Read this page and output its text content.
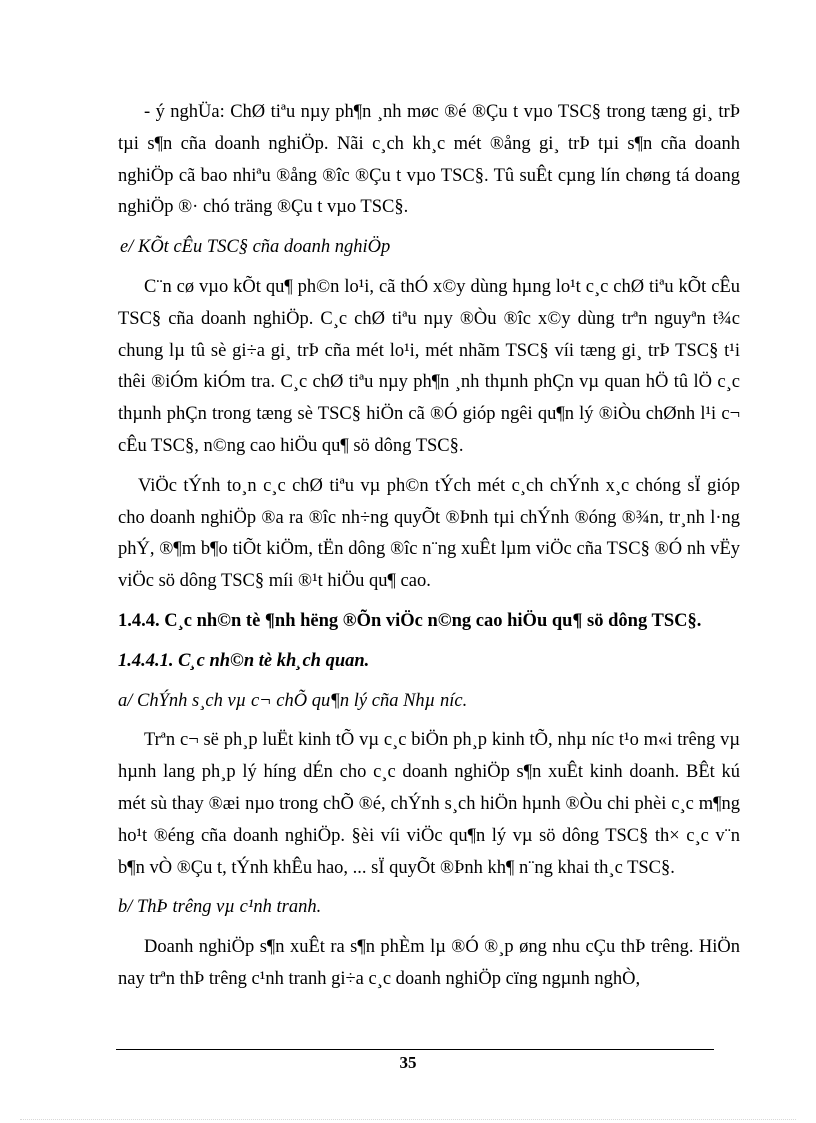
- ý nghÜa: ChØ tiªu nµy ph¶n ¸nh møc ®é ®Çu t vµo TSC§ trong tæng gi¸ trÞ tµi s¶n cña doanh nghiÖp. Nãi c¸ch kh¸c mét ®ång gi¸ trÞ tµi s¶n cña doanh nghiÖp cã bao nhiªu ®ång ®îc ®Çu t vµo TSC§. Tû suÊt cµng lín chøng tá doang nghiÖp ®· chó träng ®Çu t vµo TSC§.

e/ KÕt cÊu TSC§ cña doanh nghiÖp

C¨n cø vµo kÕt qu¶ ph©n lo¹i, cã thÓ x©y dùng hµng lo¹t c¸c chØ tiªu kÕt cÊu TSC§ cña doanh nghiÖp. C¸c chØ tiªu nµy ®Òu ®îc x©y dùng trªn nguyªn t¾c chung lµ tû sè gi÷a gi¸ trÞ cña mét lo¹i, mét nhãm TSC§ víi tæng gi¸ trÞ TSC§ t¹i thêi ®iÓm kiÓm tra. C¸c chØ tiªu nµy ph¶n ¸nh thµnh phÇn vµ quan hÖ tû lÖ c¸c thµnh phÇn trong tæng sè TSC§ hiÖn cã ®Ó gióp ngêi qu¶n lý ®iÒu chØnh l¹i c¬ cÊu TSC§, n©ng cao hiÖu qu¶ sö dông TSC§.

ViÖc tÝnh to¸n c¸c chØ tiªu vµ ph©n tÝch mét c¸ch chÝnh x¸c chóng sÏ gióp cho doanh nghiÖp ®a ra ®îc nh÷ng quyÕt ®Þnh tµi chÝnh ®óng ®¾n, tr¸nh l·ng phÝ, ®¶m b¶o tiÕt kiÖm, tËn dông ®îc n¨ng xuÊt lµm viÖc cña TSC§ ®Ó nh vËy viÖc sö dông TSC§ míi ®¹t hiÖu qu¶ cao.

1.4.4. C¸c nh©n tè ¶nh hëng ®Õn viÖc n©ng cao hiÖu qu¶ sö dông TSC§.

1.4.4.1. C¸c nh©n tè kh¸ch quan.

a/ ChÝnh s¸ch vµ c¬ chÕ qu¶n lý cña Nhµ níc.

Trªn c¬ së ph¸p luËt kinh tÕ vµ c¸c biÖn ph¸p kinh tÕ, nhµ níc t¹o m«i trêng vµ hµnh lang ph¸p lý híng dÉn cho c¸c doanh nghiÖp s¶n xuÊt kinh doanh. BÊt kú mét sù thay ®æi nµo trong chÕ ®é, chÝnh s¸ch hiÖn hµnh ®Òu chi phèi c¸c m¶ng ho¹t ®éng cña doanh nghiÖp. §èi víi viÖc qu¶n lý vµ sö dông TSC§ th× c¸c v¨n b¶n vÒ ®Çu t, tÝnh khÊu hao, ... sÏ quyÕt ®Þnh kh¶ n¨ng khai th¸c TSC§.

b/ ThÞ trêng vµ c¹nh tranh.

Doanh nghiÖp s¶n xuÊt ra s¶n phÈm lµ ®Ó ®¸p øng nhu cÇu thÞ trêng. HiÖn nay trªn thÞ trêng c¹nh tranh gi÷a c¸c doanh nghiÖp cïng ngµnh nghÒ,

35
